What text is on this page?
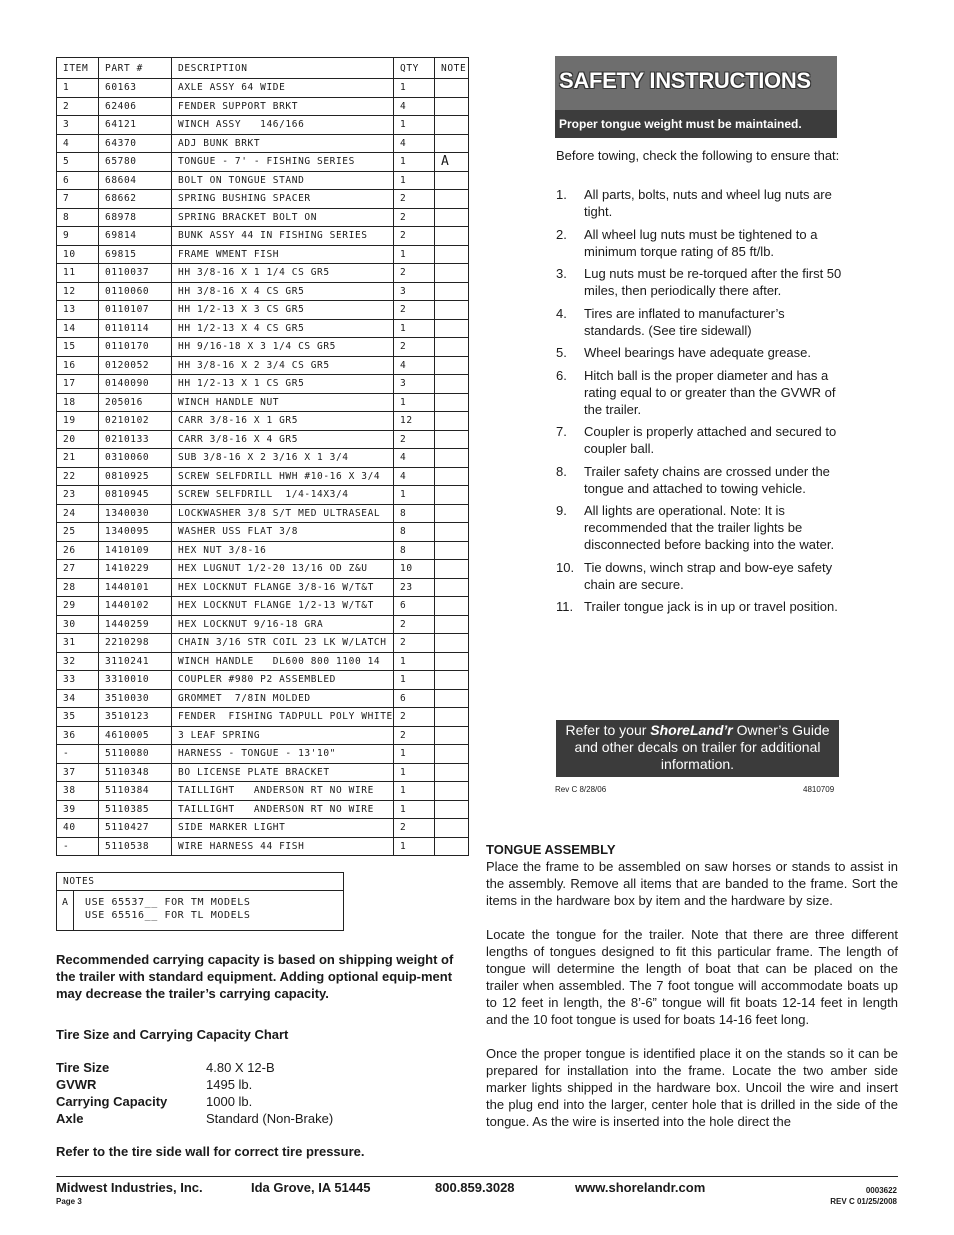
ITEM	PART #	DESCRIPTION	QTY	NOTE
1	60163	AXLE ASSY 64 WIDE	1	
2	62406	FENDER SUPPORT BRKT	4	
3	64121	WINCH ASSY   146/166	1	
4	64370	ADJ BUNK BRKT	4	
5	65780	TONGUE - 7' - FISHING SERIES	1	A
6	68604	BOLT ON TONGUE STAND	1	
7	68662	SPRING BUSHING SPACER	2	
8	68978	SPRING BRACKET BOLT ON	2	
9	69814	BUNK ASSY 44 IN FISHING SERIES	2	
10	69815	FRAME WMENT FISH	1	
11	0110037	HH 3/8-16 X 1 1/4 CS GR5	2	
12	0110060	HH 3/8-16 X 4 CS GR5	3	
13	0110107	HH 1/2-13 X 3 CS GR5	2	
14	0110114	HH 1/2-13 X 4 CS GR5	1	
15	0110170	HH 9/16-18 X 3 1/4 CS GR5	2	
16	0120052	HH 3/8-16 X 2 3/4 CS GR5	4	
17	0140090	HH 1/2-13 X 1 CS GR5	3	
18	205016	WINCH HANDLE NUT	1	
19	0210102	CARR 3/8-16 X 1 GR5	12	
20	0210133	CARR 3/8-16 X 4 GR5	2	
21	0310060	SUB 3/8-16 X 2 3/16 X 1 3/4	4	
22	0810925	SCREW SELFDRILL HWH #10-16 X 3/4	4	
23	0810945	SCREW SELFDRILL  1/4-14X3/4	1	
24	1340030	LOCKWASHER 3/8 S/T MED ULTRASEAL	8	
25	1340095	WASHER USS FLAT 3/8	8	
26	1410109	HEX NUT 3/8-16	8	
27	1410229	HEX LUGNUT 1/2-20 13/16 OD Z&U	10	
28	1440101	HEX LOCKNUT FLANGE 3/8-16 W/T&T	23	
29	1440102	HEX LOCKNUT FLANGE 1/2-13 W/T&T	6	
30	1440259	HEX LOCKNUT 9/16-18 GRA	2	
31	2210298	CHAIN 3/16 STR COIL 23 LK W/LATCH	2	
32	3110241	WINCH HANDLE   DL600 800 1100 14	1	
33	3310010	COUPLER #980 P2 ASSEMBLED	1	
34	3510030	GROMMET  7/8IN MOLDED	6	
35	3510123	FENDER  FISHING TADPULL POLY WHITE	2	
36	4610005	3 LEAF SPRING	2	
-	5110080	HARNESS - TONGUE - 13'10"	1	
37	5110348	BO LICENSE PLATE BRACKET	1	
38	5110384	TAILLIGHT   ANDERSON RT NO WIRE	1	
39	5110385	TAILLIGHT   ANDERSON RT NO WIRE	1	
40	5110427	SIDE MARKER LIGHT	2	
-	5110538	WIRE HARNESS 44 FISH	1	
NOTES
A USE 65537__ FOR TM MODELS
USE 65516__ FOR TL MODELS
Recommended carrying capacity is based on shipping weight of the trailer with standard equipment. Adding optional equip-ment may decrease the trailer’s carrying capacity.
Tire Size and Carrying Capacity Chart
Tire Size	4.80 X 12-B
GVWR	1495 lb.
Carrying Capacity	1000 lb.
Axle	Standard (Non-Brake)
Refer to the tire side wall for correct tire pressure.
SAFETY INSTRUCTIONS
Proper tongue weight must be maintained.
Before towing, check the following to ensure that:
1. All parts, bolts, nuts and wheel lug nuts are tight.
2. All wheel lug nuts must be tightened to a minimum torque rating of 85 ft/lb.
3. Lug nuts must be re-torqued after the first 50 miles, then periodically there after.
4. Tires are inflated to manufacturer’s standards. (See tire sidewall)
5. Wheel bearings have adequate grease.
6. Hitch ball is the proper diameter and has a rating equal to or greater than the GVWR of the trailer.
7. Coupler is properly attached and secured to coupler ball.
8. Trailer safety chains are crossed under the tongue and attached to towing vehicle.
9. All lights are operational. Note: It is recommended that the trailer lights be disconnected before backing into the water.
10. Tie downs, winch strap and bow-eye safety chain are secure.
11. Trailer tongue jack is in up or travel position.
Refer to your ShoreLand’r Owner’s Guide and other decals on trailer for additional information.
Rev C 8/28/06	4810709
TONGUE ASSEMBLY

Place the frame to be assembled on saw horses or stands to assist in the assembly. Remove all items that are banded to the frame. Sort the items in the hardware box by item and the hardware by size.

Locate the tongue for the trailer. Note that there are three different lengths of tongues designed to fit this particular frame. The length of tongue will determine the length of boat that can be placed on the trailer when assembled. The 7 foot tongue will accommodate boats up to 12 feet in length, the 8’-6” tongue will fit boats 12-14 feet in length and the 10 foot tongue is used for boats 14-16 feet long.

Once the proper tongue is identified place it on the stands so it can be prepared for installation into the frame. Locate the two amber side marker lights shipped in the hardware box. Uncoil the wire and insert the plug end into the larger, center hole that is drilled in the side of the tongue. As the wire is inserted into the hole direct the

Midwest Industries, Inc.	Ida Grove, IA 51445	800.859.3028	www.shorelandr.com
Page 3
0003622
REV C 01/25/2008
